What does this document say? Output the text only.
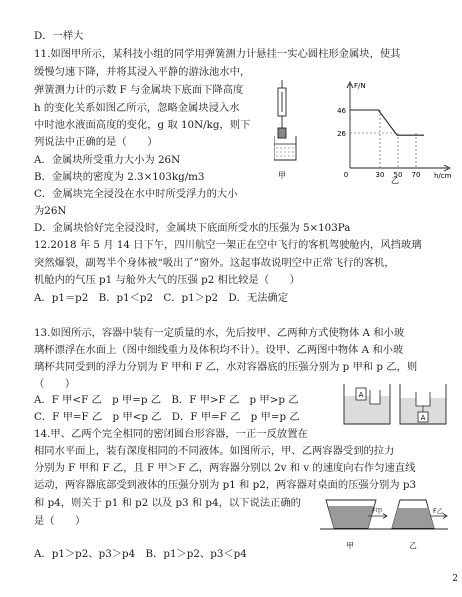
D．一样大
11.如图甲所示，某科技小组的同学用弹簧测力计悬挂一实心圆柱形金属块，使其
缓慢匀速下降，并将其浸入平静的游泳池水中，
弹簧测力计的示数 F 与金属块下底面下降高度
h 的变化关系如图乙所示，忽略金属块浸入水
中时池水液面高度的变化，g 取 10N/kg，则下
列说法中正确的是（　　）
A．金属块所受重力大小为 26N
B．金属块的密度为 2.3×103kg/m3
C．金属块完全浸没在水中时所受浮力的大小
为26N
D．金属块恰好完全浸没时，金属块下底面所受水的压强为 5×103Pa
12.2018 年 5 月 14 日下午，四川航空一架正在空中飞行的客机驾驶舱内，风挡玻璃
突然爆裂，副驾半个身体被“吸出了”窗外。这起事故说明空中正常飞行的客机，
机舱内的气压 p1 与舱外大气的压强 p2 相比较是（　　）
A．p1＝p2　B．p1＜p2　C．p1＞p2　D．无法确定
13.如图所示，容器中装有一定质量的水，先后按甲、乙两种方式使物体 A 和小玻
璃杯漂浮在水面上（图中细线重力及体积均不计）。设甲、乙两图中物体 A 和小玻
璃杯共同受到的浮力分别为 F 甲和 F 乙，水对容器底的压强分别为 p 甲和 p 乙，则
（　　）
A．F 甲<F 乙　p 甲=p 乙　B．F 甲>F 乙　p 甲>p 乙
C．F 甲=F 乙　p 甲<p 乙　D．F 甲=F 乙　p 甲=p 乙
14.甲、乙两个完全相同的密闭圆台形容器，一正一反放置在
相同水平面上，装有深度相同的不同液体。如图所示，甲、乙两容器受到的拉力
分别为 F 甲和 F 乙，且 F 甲＞F 乙，两容器分别以 2v 和 v 的速度向右作匀速直线
运动，两容器底部受到液体的压强分别为 p1 和 p2，两容器对桌面的压强分别为 p3
和 p4，则关于 p1 和 p2 以及 p3 和 p4，以下说法正确的
是（　　）
A．p1＞p2、p3＞p4　B．p1＞p2、p3＜p4
甲
F/N
h/cm
0
46
26
30 50 70
乙
A
A
F甲
甲
F乙
乙
2
